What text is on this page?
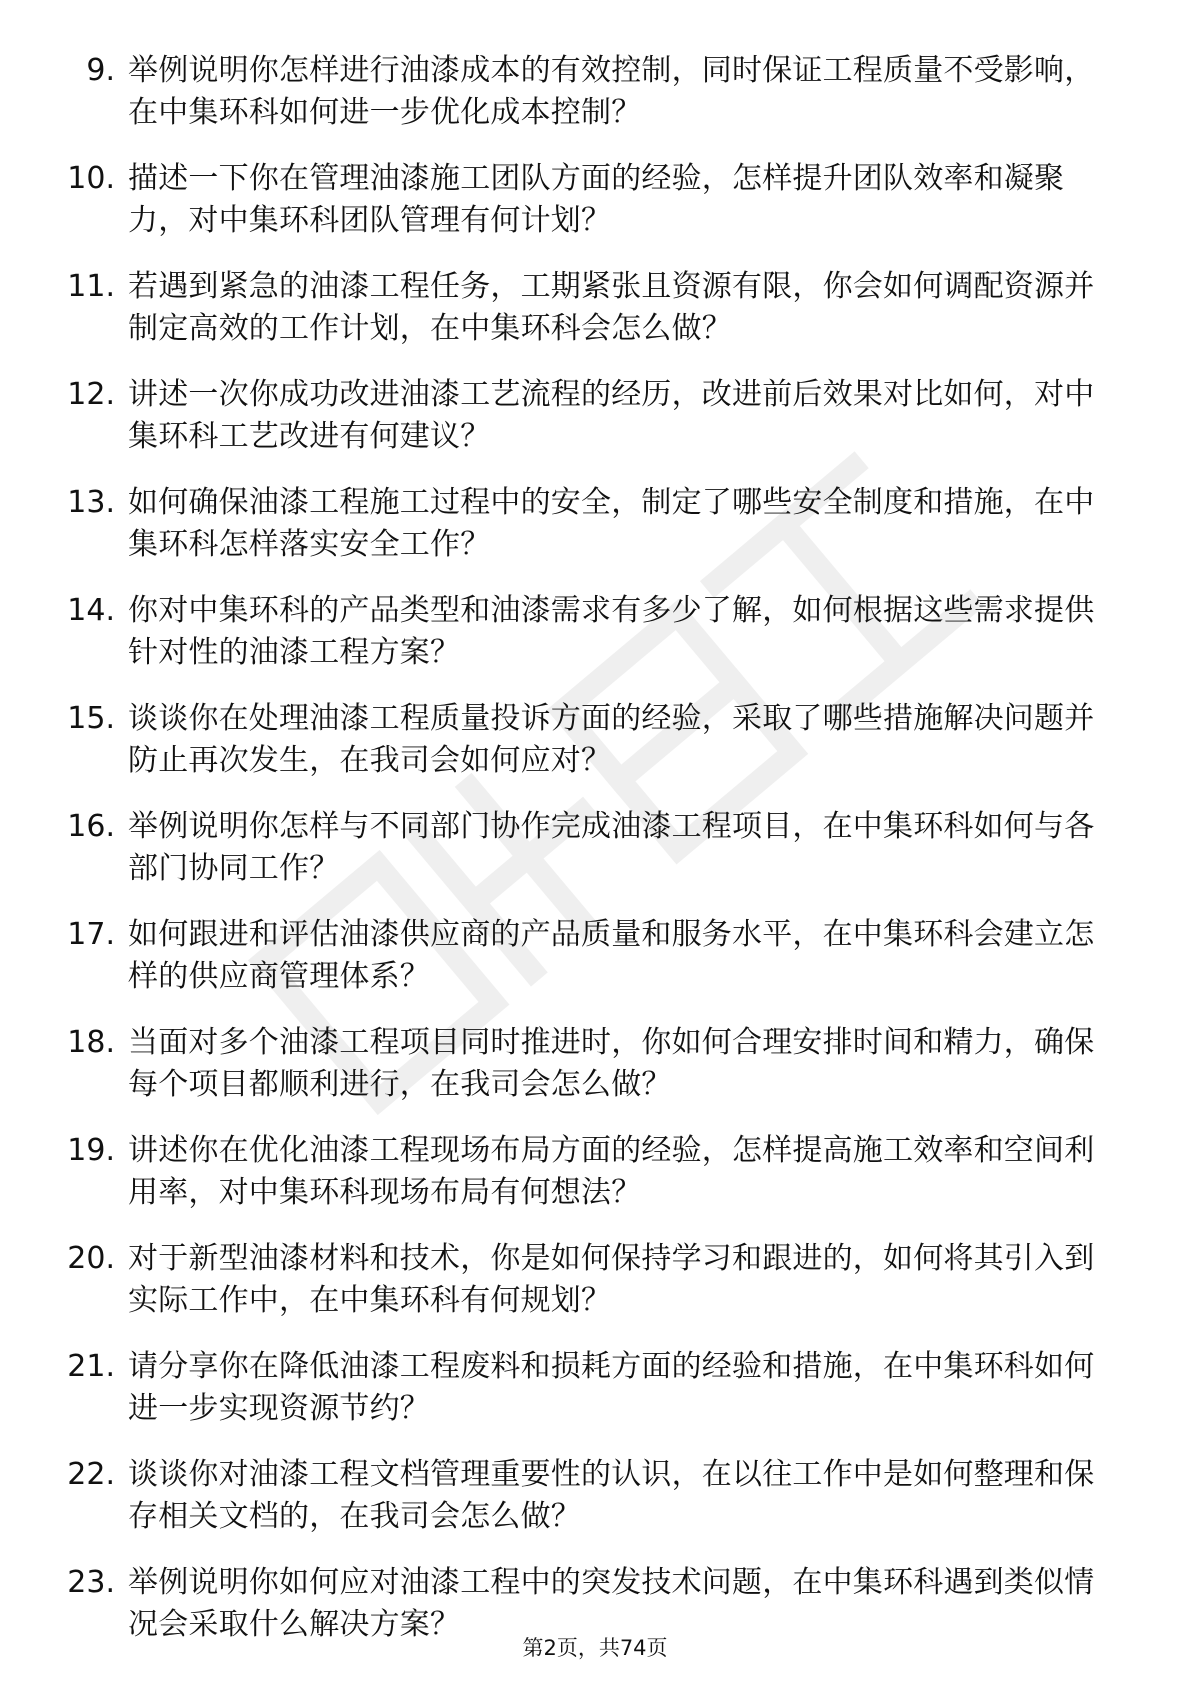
9. 举例说明你怎样进行油漆成本的有效控制，同时保证工程质量不受影响，在中集环科如何进一步优化成本控制？
10. 描述一下你在管理油漆施工团队方面的经验，怎样提升团队效率和凝聚力，对中集环科团队管理有何计划？
11. 若遇到紧急的油漆工程任务，工期紧张且资源有限，你会如何调配资源并制定高效的工作计划，在中集环科会怎么做？
12. 讲述一次你成功改进油漆工艺流程的经历，改进前后效果对比如何，对中集环科工艺改进有何建议？
13. 如何确保油漆工程施工过程中的安全，制定了哪些安全制度和措施，在中集环科怎样落实安全工作？
14. 你对中集环科的产品类型和油漆需求有多少了解，如何根据这些需求提供针对性的油漆工程方案？
15. 谈谈你在处理油漆工程质量投诉方面的经验，采取了哪些措施解决问题并防止再次发生，在我司会如何应对？
16. 举例说明你怎样与不同部门协作完成油漆工程项目，在中集环科如何与各部门协同工作？
17. 如何跟进和评估油漆供应商的产品质量和服务水平，在中集环科会建立怎样的供应商管理体系？
18. 当面对多个油漆工程项目同时推进时，你如何合理安排时间和精力，确保每个项目都顺利进行，在我司会怎么做？
19. 讲述你在优化油漆工程现场布局方面的经验，怎样提高施工效率和空间利用率，对中集环科现场布局有何想法？
20. 对于新型油漆材料和技术，你是如何保持学习和跟进的，如何将其引入到实际工作中，在中集环科有何规划？
21. 请分享你在降低油漆工程废料和损耗方面的经验和措施，在中集环科如何进一步实现资源节约？
22. 谈谈你对油漆工程文档管理重要性的认识，在以往工作中是如何整理和保存相关文档的，在我司会怎么做？
23. 举例说明你如何应对油漆工程中的突发技术问题，在中集环科遇到类似情况会采取什么解决方案？
第2页，共74页
